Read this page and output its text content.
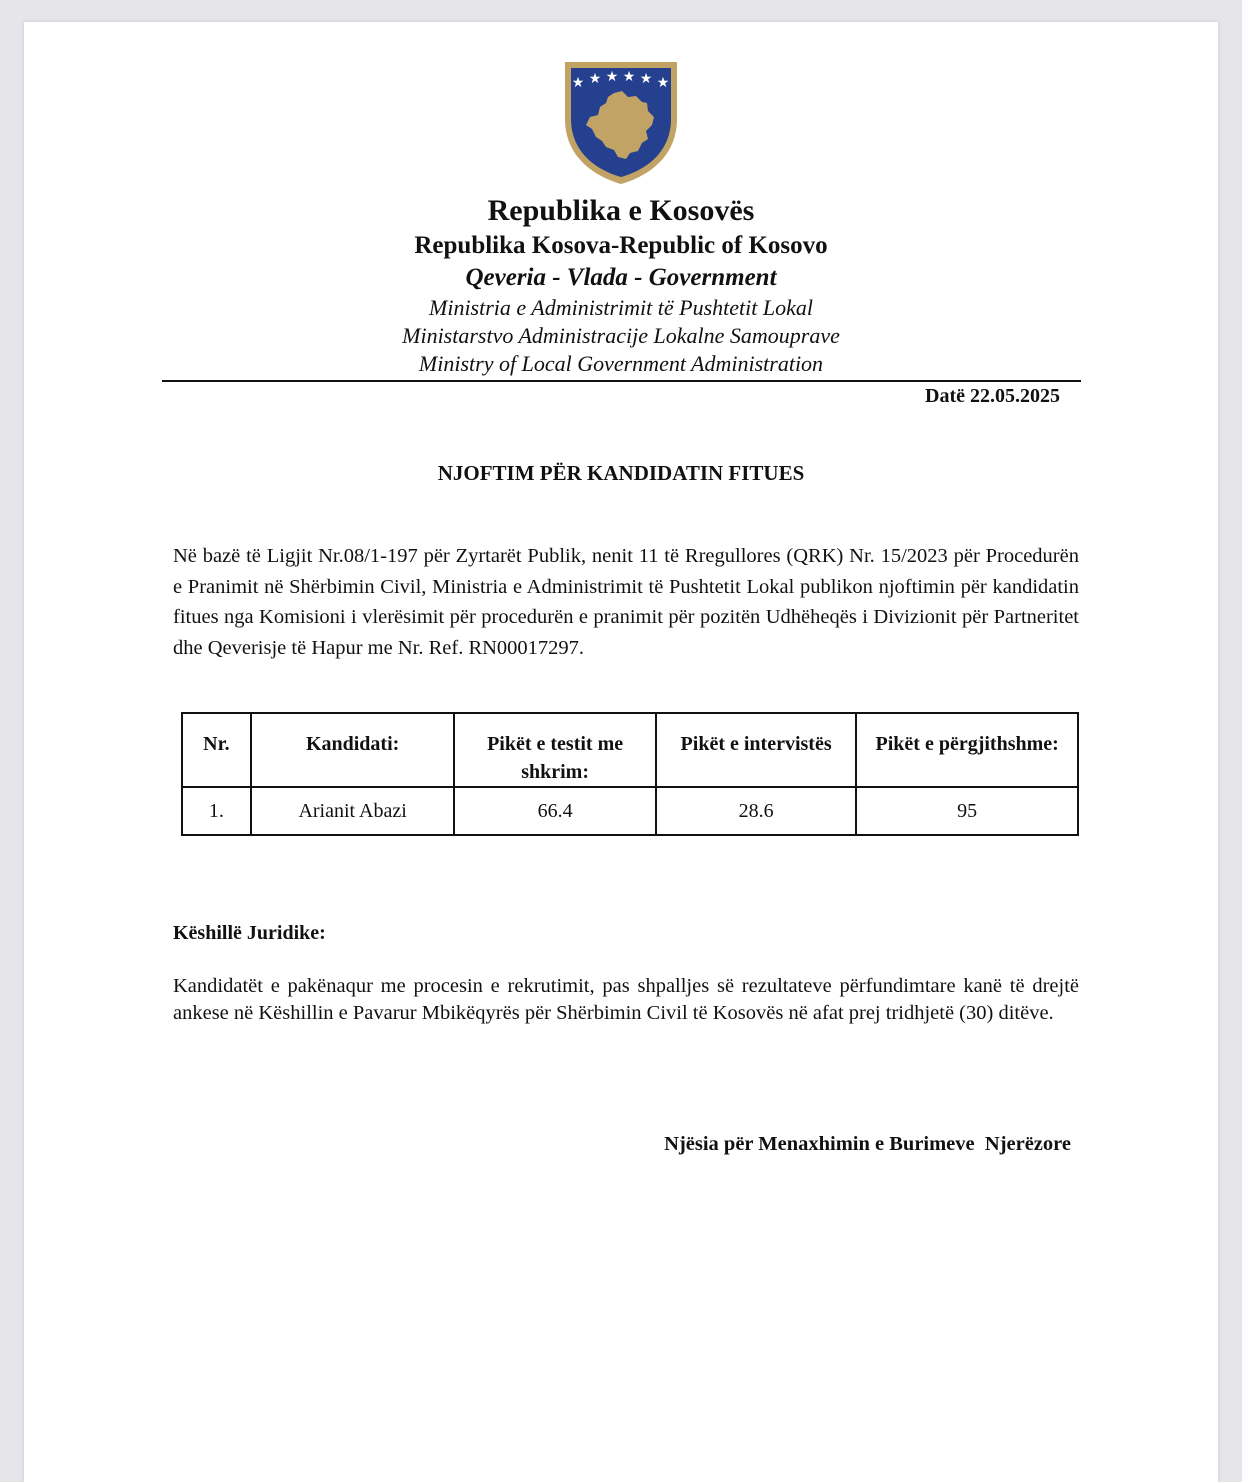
★ ★ ★ ★ ★ ★
Republika e Kosovës
Republika Kosova-Republic of Kosovo
Qeveria - Vlada - Government
Ministria e Administrimit të Pushtetit Lokal
Ministarstvo Administracije Lokalne Samouprave
Ministry of Local Government Administration
Datë 22.05.2025
NJOFTIM PËR KANDIDATIN FITUES
Në bazë të Ligjit Nr.08/1-197 për Zyrtarët Publik, nenit 11 të Rregullores (QRK) Nr. 15/2023 për Procedurën e Pranimit në Shërbimin Civil, Ministria e Administrimit të Pushtetit Lokal publikon njoftimin për kandidatin fitues nga Komisioni i vlerësimit për procedurën e pranimit për pozitën Udhëheqës i Divizionit për Partneritet dhe Qeverisje të Hapur me Nr. Ref. RN00017297.
Nr.	Kandidati:	Pikët e testit me shkrim:	Pikët e intervistës	Pikët e përgjithshme:
1.	Arianit Abazi	66.4	28.6	95
Këshillë Juridike:
Kandidatët e pakënaqur me procesin e rekrutimit, pas shpalljes së rezultateve përfundimtare kanë të drejtë ankese në Këshillin e Pavarur Mbikëqyrës për Shërbimin Civil të Kosovës në afat prej tridhjetë (30) ditëve.
Njësia për Menaxhimin e Burimeve  Njerëzore
